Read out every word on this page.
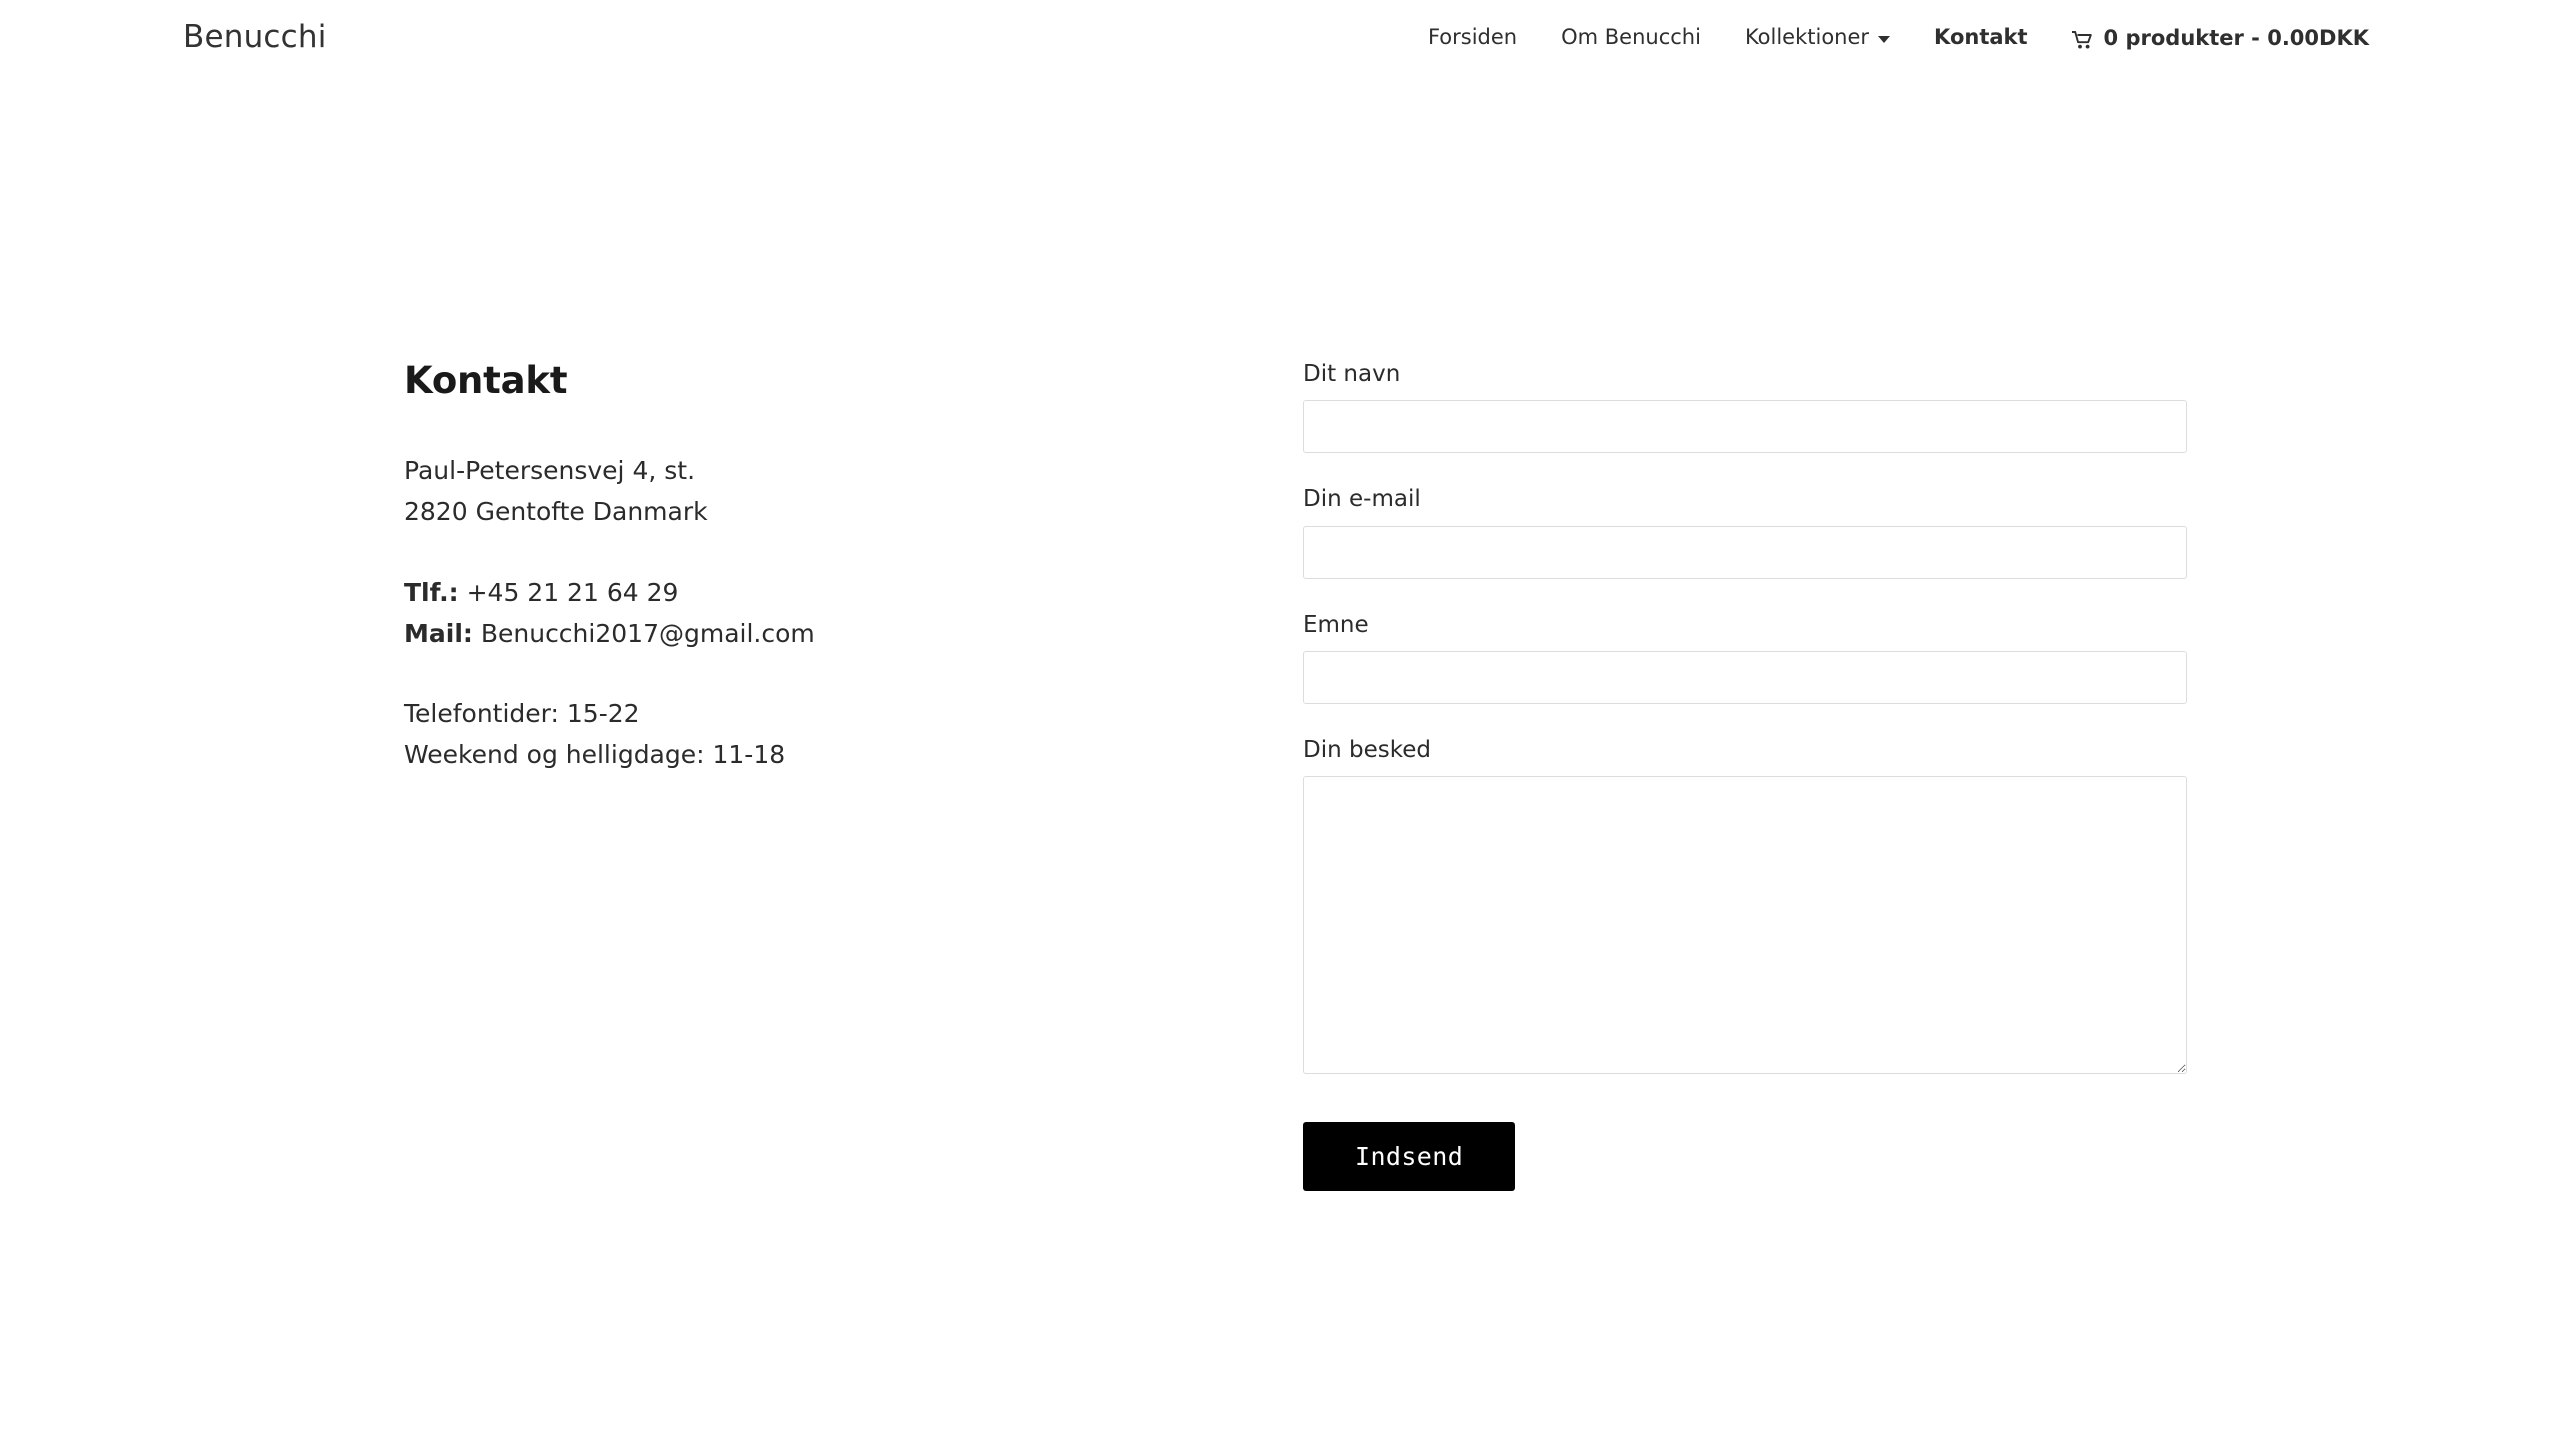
Benucchi	Forsiden Om Benucchi Kollektioner	Kontakt	0 produkter - 0.00DKK
Kontakt

Paul-Petersensvej 4, st.
2820 Gentofte Danmark

Tlf.: +45 21 21 64 29
Mail: Benucchi2017@gmail.com

Telefontider: 15-22
Weekend og helligdage: 11-18

Dit navn
Din e-mail
Emne
Din besked
Indsend
